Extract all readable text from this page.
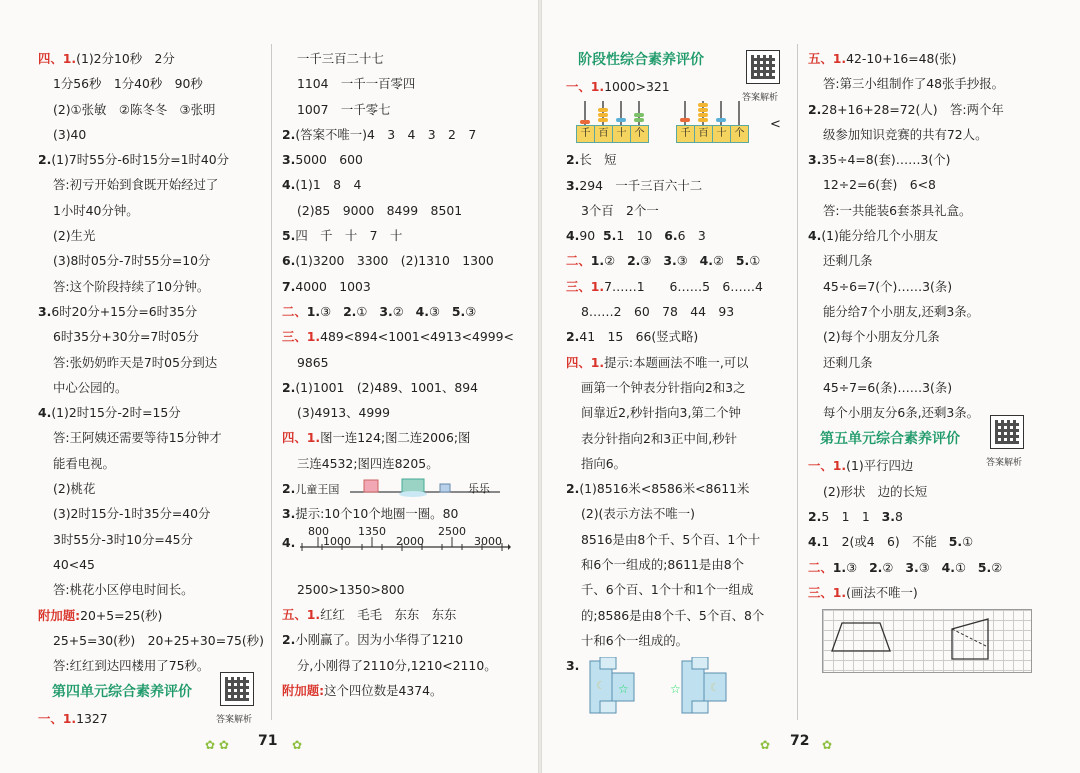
四、1.(1)2分10秒　2分
1分56秒　1分40秒　90秒
(2)①张敏　②陈冬冬　③张明
(3)40
2.(1)7时55分-6时15分=1时40分
答:初亏开始到食既开始经过了
1小时40分钟。
(2)生光
(3)8时05分-7时55分=10分
答:这个阶段持续了10分钟。
3.6时20分+15分=6时35分
6时35分+30分=7时05分
答:张奶奶昨天是7时05分到达
中心公园的。
4.(1)2时15分-2时=15分
答:王阿姨还需要等待15分钟才
能看电视。
(2)桃花
(3)2时15分-1时35分=40分
3时55分-3时10分=45分
40<45
答:桃花小区停电时间长。
附加题:20+5=25(秒)
25+5=30(秒)　20+25+30=75(秒)
答:红红到达四楼用了75秒。
第四单元综合素养评价
答案解析
一、1.1327
一千三百二十七
1104　一千一百零四
1007　一千零七
2.(答案不唯一)4　3　4　3　2　7
3.5000　600
4.(1)1　8　4
(2)85　9000　8499　8501
5.四　千　十　7　十
6.(1)3200　3300　(2)1310　1300
7.4000　1003
二、1.③ 2.① 3.② 4.③ 5.③
三、1.489<894<1001<4913<4999<
9865
2.(1)1001　(2)489、1001、894
(3)4913、4999
四、1.图一连124;图二连2006;图
三连4532;图四连8205。
2.儿童王国	乐乐
3.提示:10个10个地圈一圈。80
4.
800	1350	2500
1000	2000	3000
2500>1350>800
五、1.红红　毛毛　东东　东东
2.小刚赢了。因为小华得了1210
分,小刚得了2110分,1210<2110。
附加题:这个四位数是4374。
✿ ✿ 71 ✿
阶段性综合素养评价
答案解析
一、1.1000>321
千 百 十 个	千 百 十 个
<
2.长　短
3.294　一千三百六十二
3个百　2个一
4.90 5.1　10 6.6　3
二、1.② 2.③ 3.③ 4.② 5.①
三、1.7……1　　6……5　6……4
8……2　60　78　44　93
2.41　15　66(竖式略)
四、1.提示:本题画法不唯一,可以
画第一个钟表分针指向2和3之
间靠近2,秒针指向3,第二个钟
表分针指向2和3正中间,秒针
指向6。
2.(1)8516米<8586米<8611米
(2)(表示方法不唯一)
8516是由8个千、5个百、1个十
和6个一组成的;8611是由8个
千、6个百、1个十和1个一组成
的;8586是由8个千、5个百、8个
十和6个一组成的。
3.
☆
☾	☆	☾
五、1.42-10+16=48(张)
答:第三小组制作了48张手抄报。
2.28+16+28=72(人)　答:两个年
级参加知识竞赛的共有72人。
3.35÷4=8(套)……3(个)
12÷2=6(套)　6<8
答:一共能装6套茶具礼盒。
4.(1)能分给几个小朋友
还剩几条
45÷6=7(个)……3(条)
能分给7个小朋友,还剩3条。
(2)每个小朋友分几条
还剩几条
45÷7=6(条)……3(条)
每个小朋友分6条,还剩3条。
第五单元综合素养评价
答案解析
一、1.(1)平行四边
(2)形状　边的长短
2.5　1　1 3.8
4.1　2(或4　6)　不能 5.①
二、1.③ 2.② 3.③ 4.① 5.②
三、1.(画法不唯一)
✿ 72 ✿
